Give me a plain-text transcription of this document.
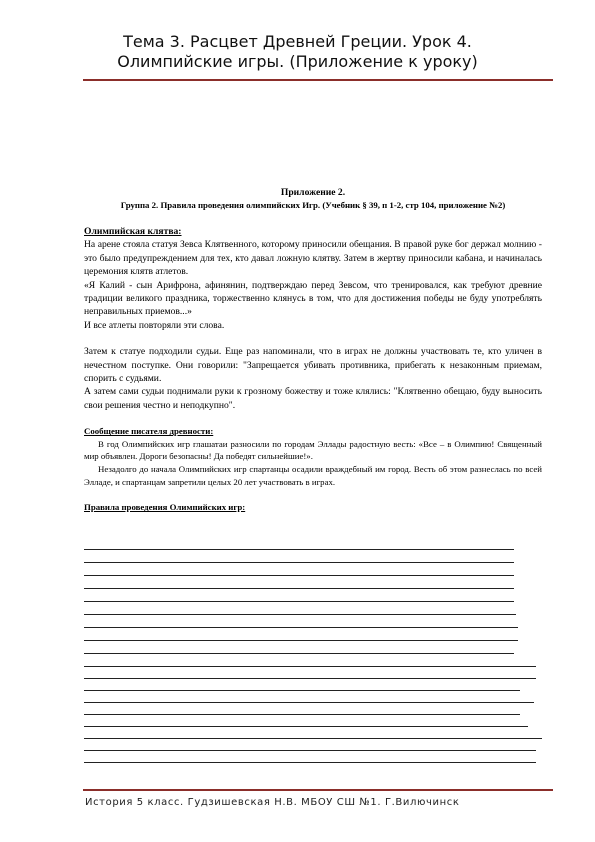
Тема 3. Расцвет Древней Греции. Урок 4.
Олимпийские игры. (Приложение к уроку)

Приложение 2.

Группа 2. Правила проведения олимпийских Игр. (Учебник § 39, п 1-2, стр 104, приложение №2)

Олимпийская клятва:

На арене стояла статуя Зевса Клятвенного, которому приносили обещания. В правой руке бог держал молнию - это было предупреждением для тех, кто давал ложную клятву. Затем в жертву приносили кабана, и начиналась церемония клятв атлетов.

«Я Калий - сын Арифрона, афинянин, подтверждаю перед Зевсом, что тренировался, как требуют древние традиции великого праздника, торжественно клянусь в том, что для достижения победы не буду употреблять неправильных приемов...»

И все атлеты повторяли эти слова.

Затем к статуе подходили судьи. Еще раз напоминали, что в играх не должны участвовать те, кто уличен в нечестном поступке. Они говорили: "Запрещается убивать противника, прибегать к незаконным приемам, спорить с судьями.

А затем сами судьи поднимали руки к грозному божеству и тоже клялись: "Клятвенно обещаю, буду выносить свои решения честно и неподкупно".

Сообщение писателя древности:

В год Олимпийских игр глашатаи разносили по городам Эллады радостную весть: «Все – в Олимпию! Священный мир объявлен. Дороги безопасны! Да победят сильнейшие!».

Незадолго до начала Олимпийских игр спартанцы осадили враждебный им город. Весть об этом разнеслась по всей Элладе, и спартанцам запретили целых 20 лет участвовать в играх.

Правила проведения Олимпийских игр:

История 5 класс. Гудзишевская Н.В. МБОУ СШ №1. Г.Вилючинск
